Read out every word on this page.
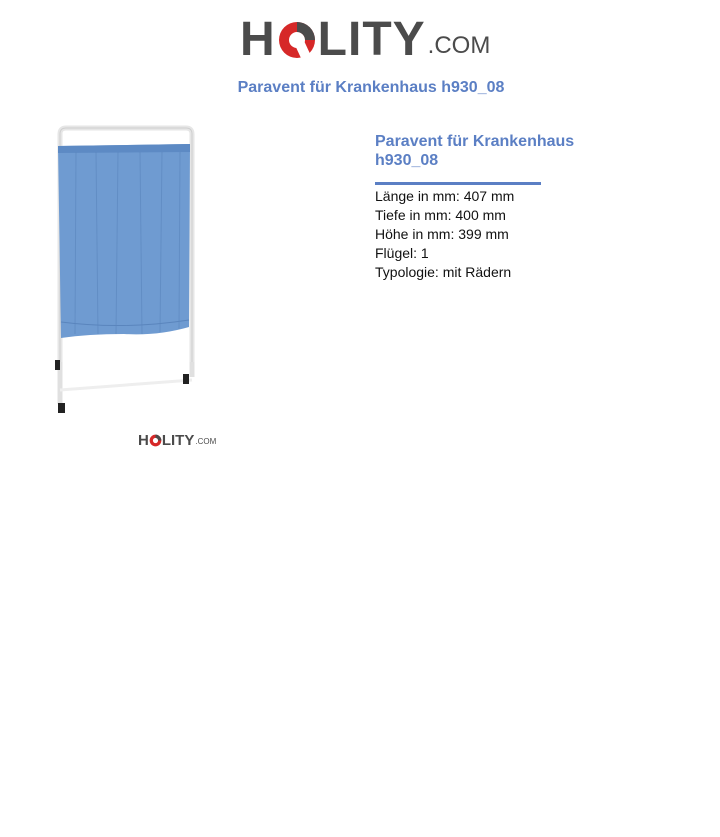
H LITY .COM
Paravent für Krankenhaus h930_08
H LITY .COM
Paravent für Krankenhaus h930_08
Länge in mm: 407 mm
Tiefe in mm: 400 mm
Höhe in mm: 399 mm
Flügel: 1
Typologie: mit Rädern
